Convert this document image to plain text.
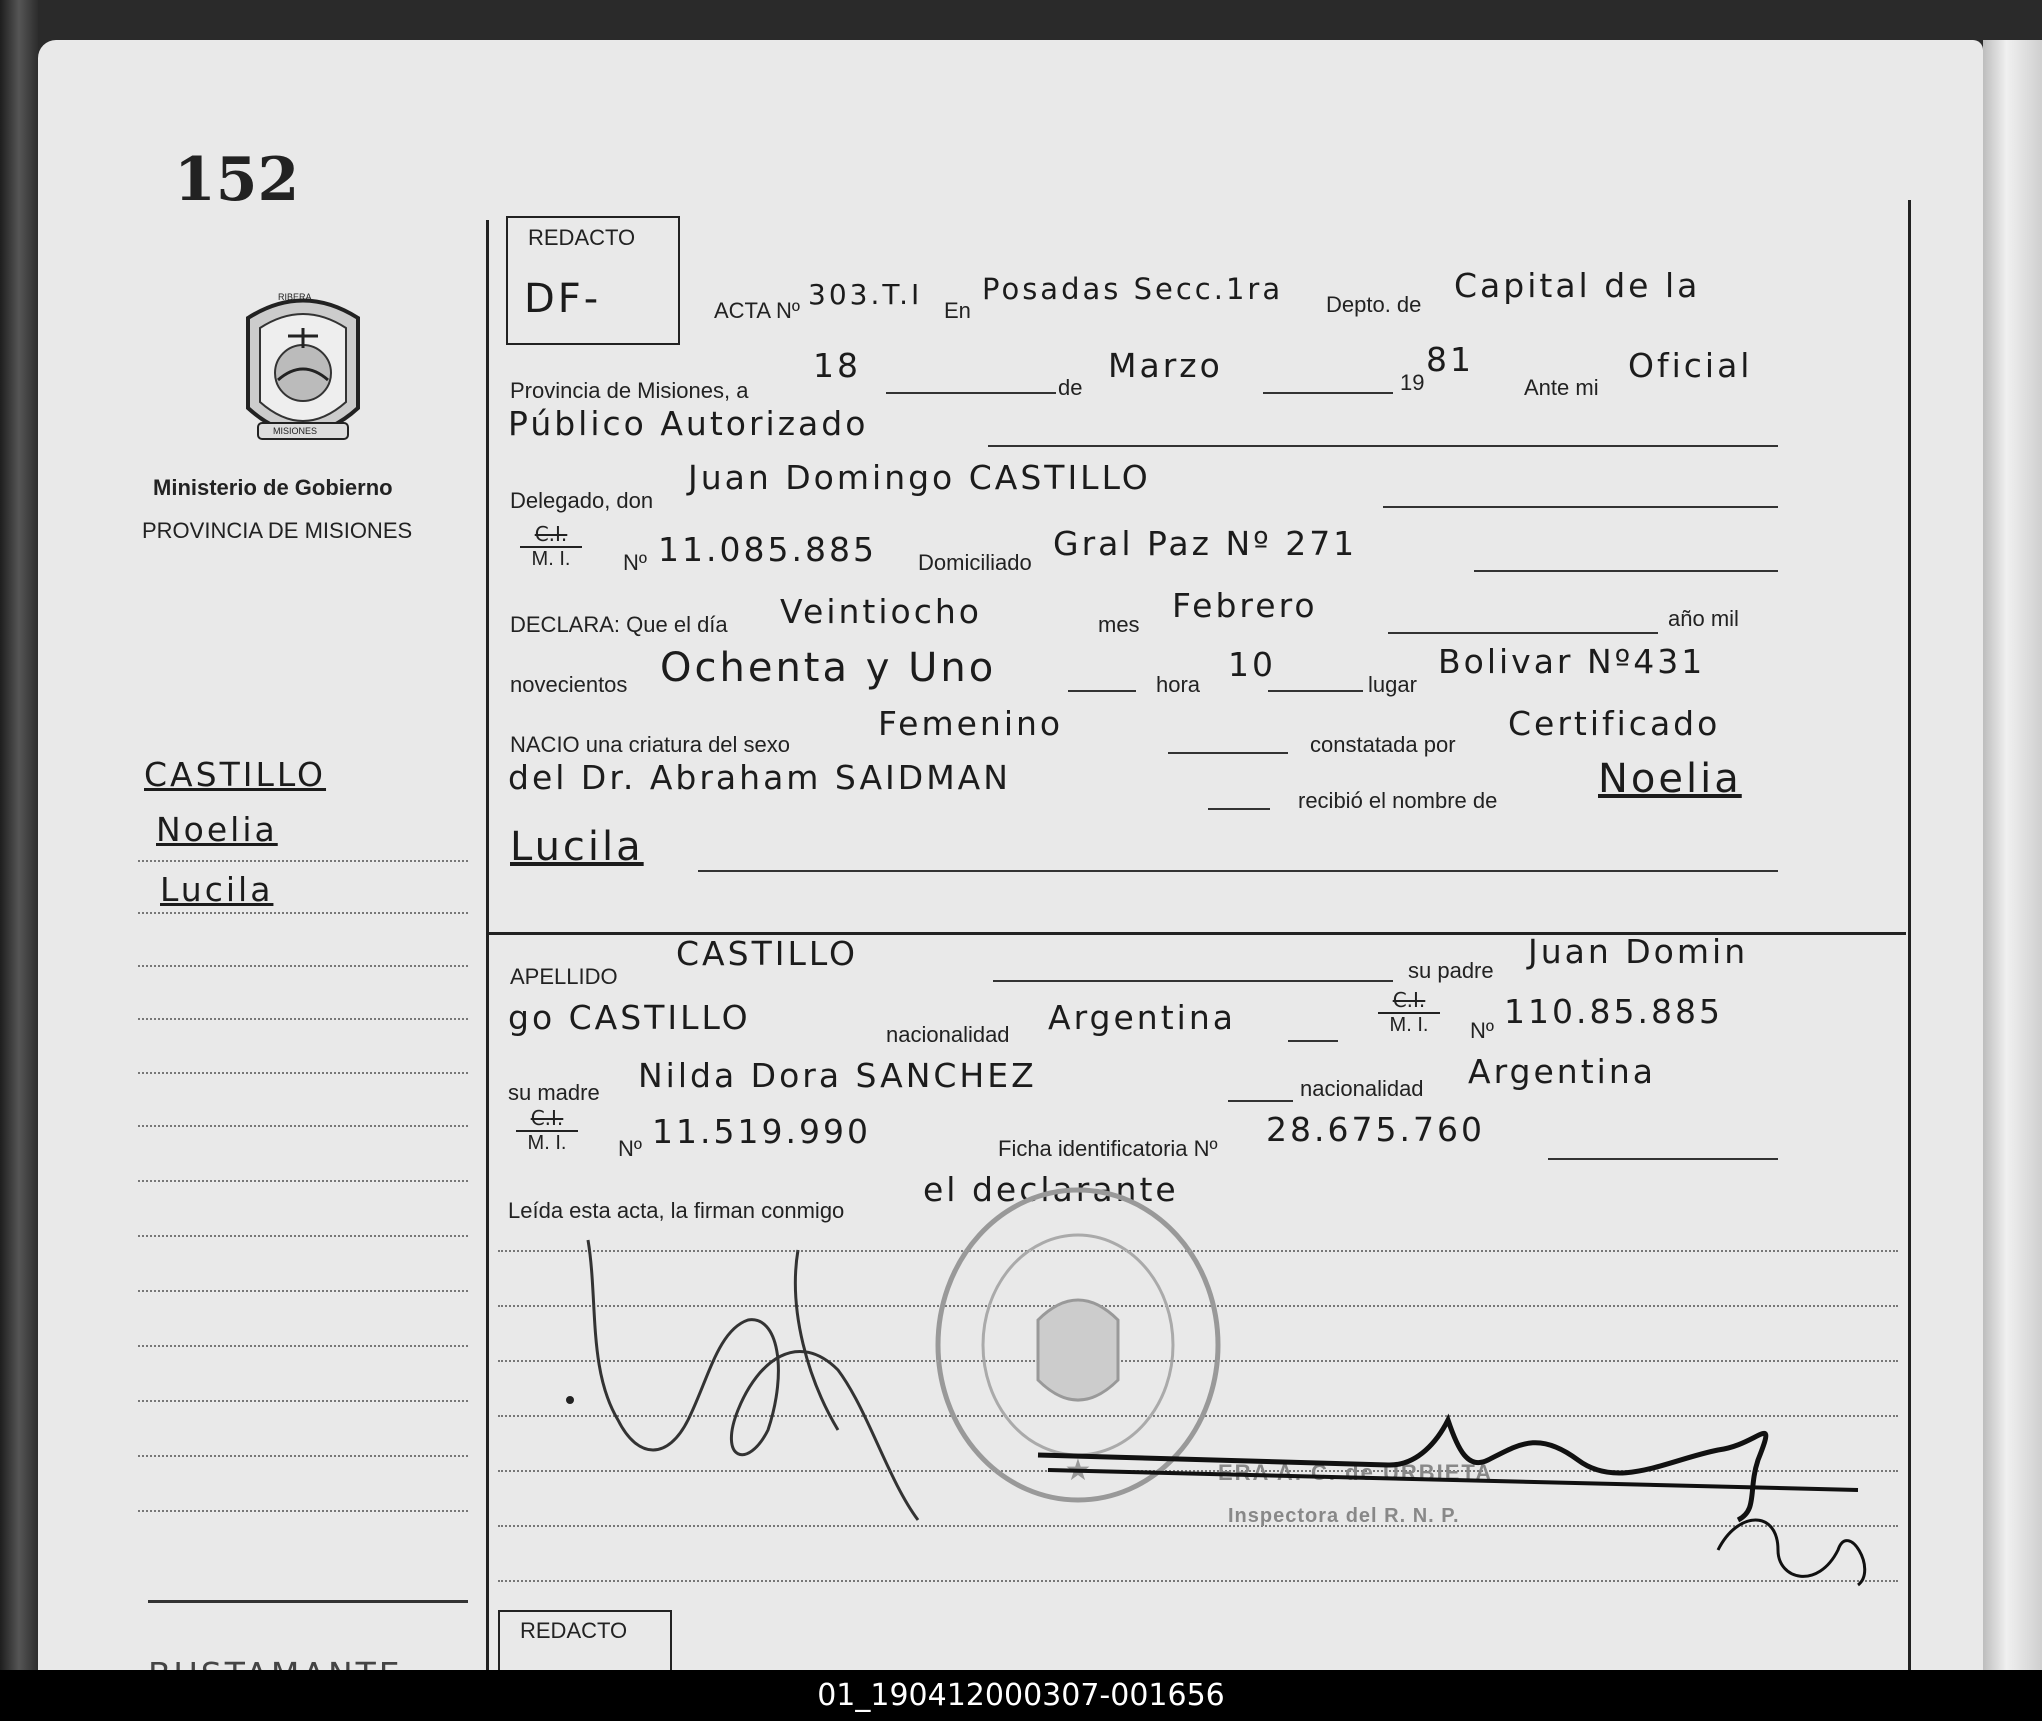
152
RIBERA
MISIONES
Ministerio de Gobierno
PROVINCIA DE MISIONES
CASTILLO
Noelia
Lucila
REDACTO
DF-	ACTA Nº 303.T.I En
Posadas Secc.1ra Depto. de Capital de la
Provincia de Misiones, a
18
de
Marzo	19
81
Ante mi
Oficial
Público Autorizado
Delegado, don
Juan Domingo CASTILLO
$\frac{C.I.}{M. I.}$ Nº 11.085.885 Domiciliado Gral Paz Nº 271
DECLARA: Que el día Veintiocho	mes Febrero	año mil
novecientos Ochenta y Uno	hora
10
lugar
Bolivar Nº431
NACIO una criatura del sexo
Femenino
constatada por
Certificado
del Dr. Abraham SAIDMAN
recibió el nombre de	Noelia
Lucila
APELLIDO
CASTILLO	su padre Juan Domin
go CASTILLO	nacionalidad Argentina	$\frac{C.I.}{M. I.}$ Nº 110.85.885
su madre Nilda Dora SANCHEZ	nacionalidad Argentina
$\frac{C.I.}{M. I.}$ Nº 11.519.990	Ficha identificatoria Nº 28.675.760
Leída esta acta, la firman conmigo
el declarante
★	ERA A. C. de URBIETA
Inspectora del R. N. P.
REDACTO
01_190412000307-001656
